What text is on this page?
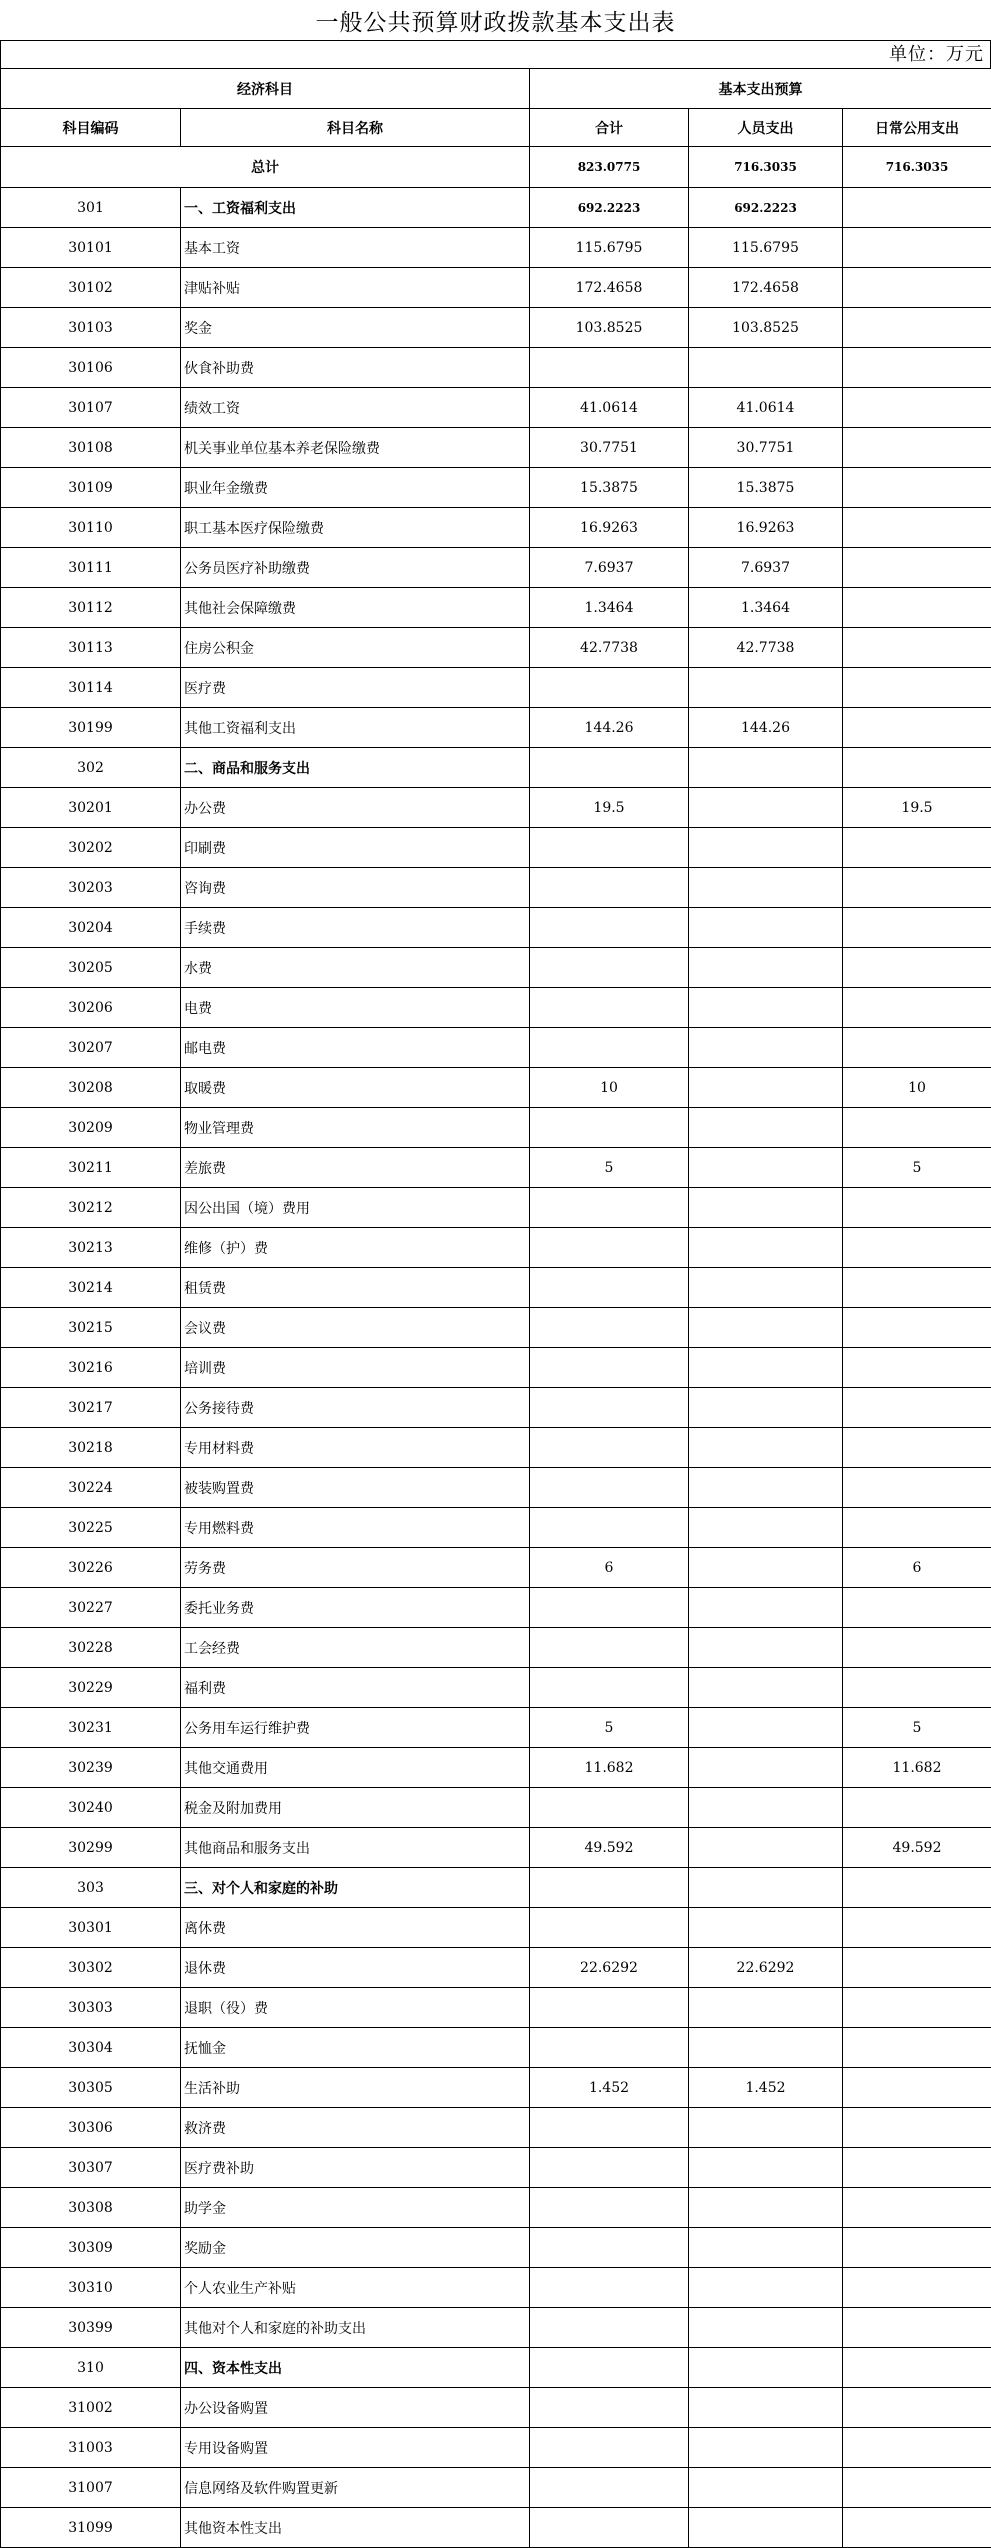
一般公共预算财政拨款基本支出表
单位：万元
经济科目		基本支出预算		
科目编码	科目名称	合计	人员支出	日常公用支出
总计		823.0775	716.3035	716.3035
301	一、工资福利支出	692.2223	692.2223	
30101	基本工资	115.6795	115.6795	
30102	津贴补贴	172.4658	172.4658	
30103	奖金	103.8525	103.8525	
30106	伙食补助费			
30107	绩效工资	41.0614	41.0614	
30108	机关事业单位基本养老保险缴费	30.7751	30.7751	
30109	职业年金缴费	15.3875	15.3875	
30110	职工基本医疗保险缴费	16.9263	16.9263	
30111	公务员医疗补助缴费	7.6937	7.6937	
30112	其他社会保障缴费	1.3464	1.3464	
30113	住房公积金	42.7738	42.7738	
30114	医疗费			
30199	其他工资福利支出	144.26	144.26	
302	二、商品和服务支出			
30201	办公费	19.5		19.5
30202	印刷费			
30203	咨询费			
30204	手续费			
30205	水费			
30206	电费			
30207	邮电费			
30208	取暖费	10		10
30209	物业管理费			
30211	差旅费	5		5
30212	因公出国（境）费用			
30213	维修（护）费			
30214	租赁费			
30215	会议费			
30216	培训费			
30217	公务接待费			
30218	专用材料费			
30224	被装购置费			
30225	专用燃料费			
30226	劳务费	6		6
30227	委托业务费			
30228	工会经费			
30229	福利费			
30231	公务用车运行维护费	5		5
30239	其他交通费用	11.682		11.682
30240	税金及附加费用			
30299	其他商品和服务支出	49.592		49.592
303	三、对个人和家庭的补助			
30301	离休费			
30302	退休费	22.6292	22.6292	
30303	退职（役）费			
30304	抚恤金			
30305	生活补助	1.452	1.452	
30306	救济费			
30307	医疗费补助			
30308	助学金			
30309	奖励金			
30310	个人农业生产补贴			
30399	其他对个人和家庭的补助支出			
310	四、资本性支出			
31002	办公设备购置			
31003	专用设备购置			
31007	信息网络及软件购置更新			
31099	其他资本性支出			
